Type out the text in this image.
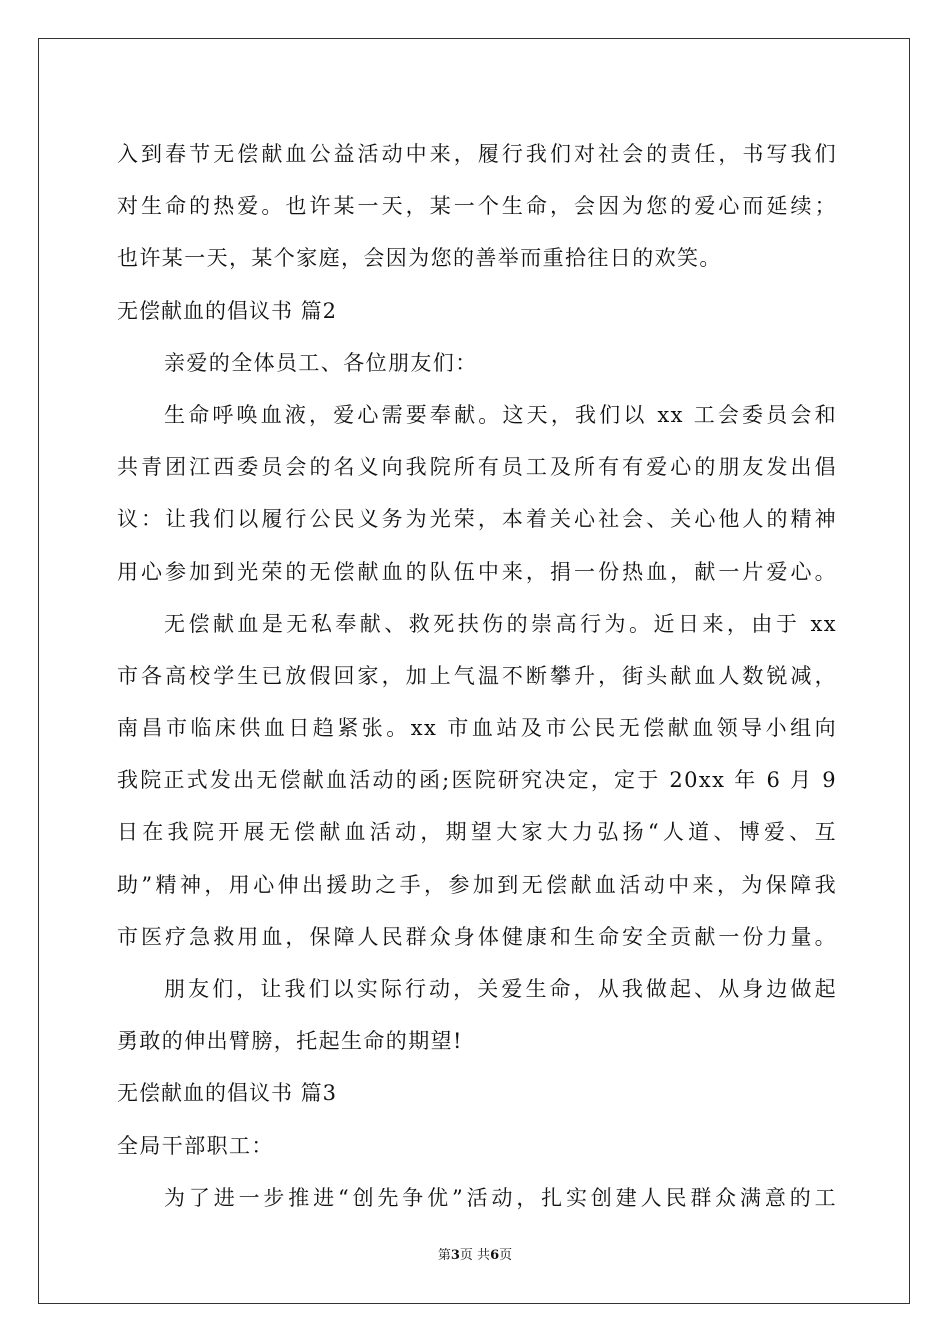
入到春节无偿献血公益活动中来，履行我们对社会的责任，书写我们
对生命的热爱。也许某一天，某一个生命，会因为您的爱心而延续；
也许某一天，某个家庭，会因为您的善举而重拾往日的欢笑。
无偿献血的倡议书 篇2
亲爱的全体员工、各位朋友们：
生命呼唤血液，爱心需要奉献。这天，我们以 xx 工会委员会和
共青团江西委员会的名义向我院所有员工及所有有爱心的朋友发出倡
议：让我们以履行公民义务为光荣，本着关心社会、关心他人的精神
用心参加到光荣的无偿献血的队伍中来，捐一份热血，献一片爱心。
无偿献血是无私奉献、救死扶伤的崇高行为。近日来，由于 xx
市各高校学生已放假回家，加上气温不断攀升，街头献血人数锐减，
南昌市临床供血日趋紧张。xx 市血站及市公民无偿献血领导小组向
我院正式发出无偿献血活动的函;医院研究决定，定于 20xx 年 6 月 9
日在我院开展无偿献血活动，期望大家大力弘扬“人道、博爱、互
助”精神，用心伸出援助之手，参加到无偿献血活动中来，为保障我
市医疗急救用血，保障人民群众身体健康和生命安全贡献一份力量。
朋友们，让我们以实际行动，关爱生命，从我做起、从身边做起
勇敢的伸出臂膀，托起生命的期望!
无偿献血的倡议书 篇3
全局干部职工：
为了进一步推进“创先争优”活动，扎实创建人民群众满意的工
第3页 共6页
